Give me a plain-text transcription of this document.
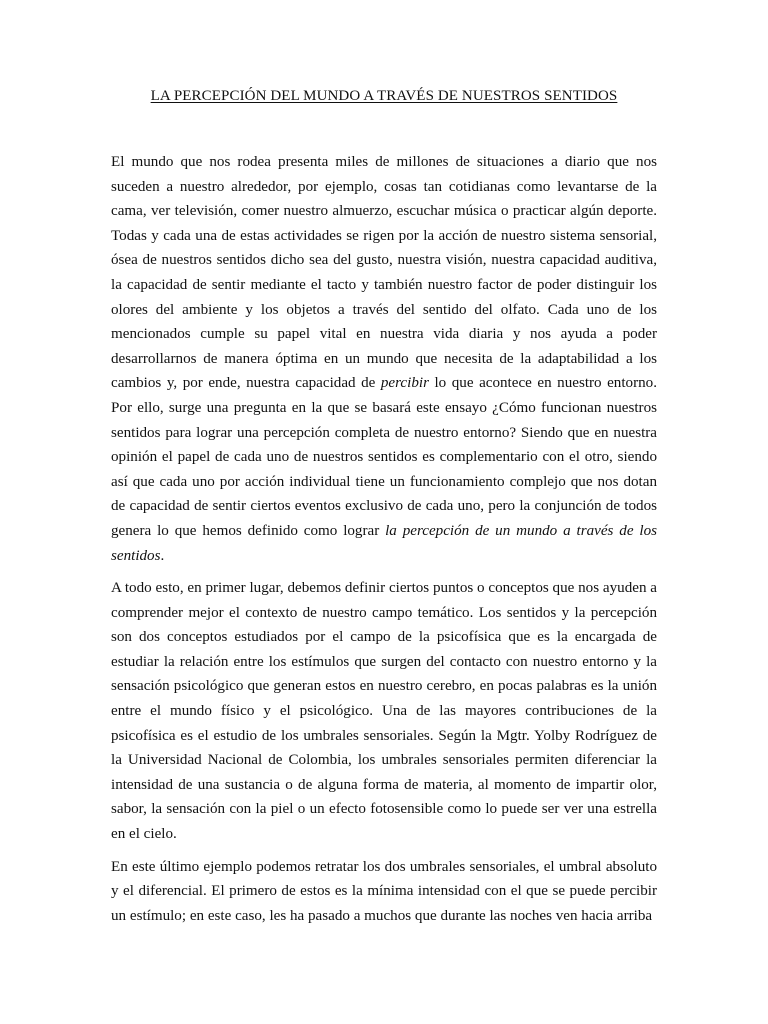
LA PERCEPCIÓN DEL MUNDO A TRAVÉS DE NUESTROS SENTIDOS

El mundo que nos rodea presenta miles de millones de situaciones a diario que nos suceden a nuestro alrededor, por ejemplo, cosas tan cotidianas como levantarse de la cama, ver televisión, comer nuestro almuerzo, escuchar música o practicar algún deporte. Todas y cada una de estas actividades se rigen por la acción de nuestro sistema sensorial, ósea de nuestros sentidos dicho sea del gusto, nuestra visión, nuestra capacidad auditiva, la capacidad de sentir mediante el tacto y también nuestro factor de poder distinguir los olores del ambiente y los objetos a través del sentido del olfato. Cada uno de los mencionados cumple su papel vital en nuestra vida diaria y nos ayuda a poder desarrollarnos de manera óptima en un mundo que necesita de la adaptabilidad a los cambios y, por ende, nuestra capacidad de percibir lo que acontece en nuestro entorno. Por ello, surge una pregunta en la que se basará este ensayo ¿Cómo funcionan nuestros sentidos para lograr una percepción completa de nuestro entorno? Siendo que en nuestra opinión el papel de cada uno de nuestros sentidos es complementario con el otro, siendo así que cada uno por acción individual tiene un funcionamiento complejo que nos dotan de capacidad de sentir ciertos eventos exclusivo de cada uno, pero la conjunción de todos genera lo que hemos definido como lograr la percepción de un mundo a través de los sentidos.

A todo esto, en primer lugar, debemos definir ciertos puntos o conceptos que nos ayuden a comprender mejor el contexto de nuestro campo temático. Los sentidos y la percepción son dos conceptos estudiados por el campo de la psicofísica que es la encargada de estudiar la relación entre los estímulos que surgen del contacto con nuestro entorno y la sensación psicológico que generan estos en nuestro cerebro, en pocas palabras es la unión entre el mundo físico y el psicológico. Una de las mayores contribuciones de la psicofísica es el estudio de los umbrales sensoriales. Según la Mgtr. Yolby Rodríguez de la Universidad Nacional de Colombia, los umbrales sensoriales permiten diferenciar la intensidad de una sustancia o de alguna forma de materia, al momento de impartir olor, sabor, la sensación con la piel o un efecto fotosensible como lo puede ser ver una estrella en el cielo.

En este último ejemplo podemos retratar los dos umbrales sensoriales, el umbral absoluto y el diferencial. El primero de estos es la mínima intensidad con el que se puede percibir un estímulo; en este caso, les ha pasado a muchos que durante las noches ven hacia arriba
